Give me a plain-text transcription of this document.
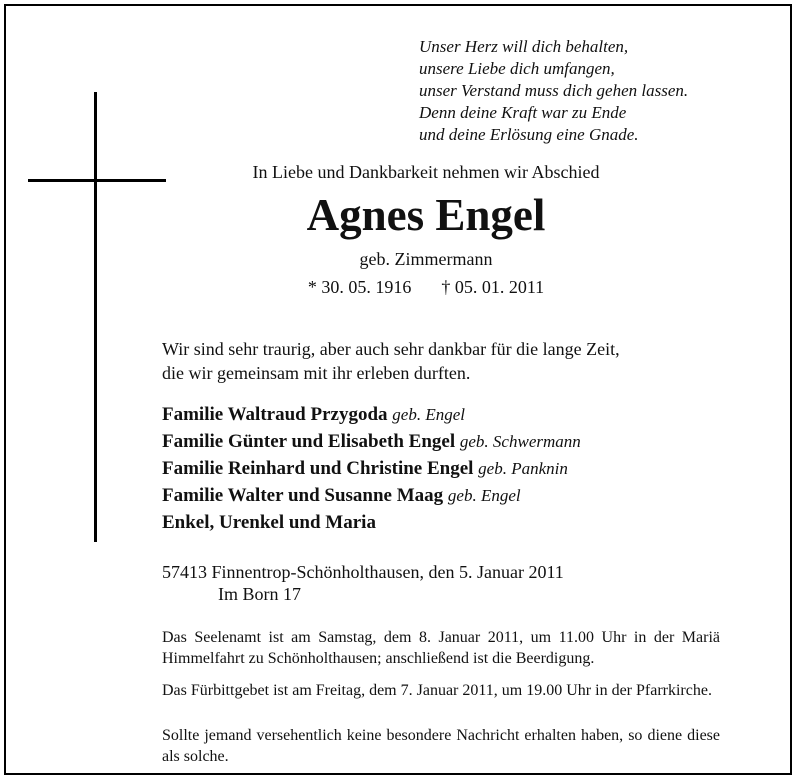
Unser Herz will dich behalten,
unsere Liebe dich umfangen,
unser Verstand muss dich gehen lassen.
Denn deine Kraft war zu Ende
und deine Erlösung eine Gnade.
In Liebe und Dankbarkeit nehmen wir Abschied
Agnes Engel
geb. Zimmermann
* 30. 05. 1916 † 05. 01. 2011
Wir sind sehr traurig, aber auch sehr dankbar für die lange Zeit,
die wir gemeinsam mit ihr erleben durften.
Familie Waltraud Przygoda geb. Engel
Familie Günter und Elisabeth Engel geb. Schwermann
Familie Reinhard und Christine Engel geb. Panknin
Familie Walter und Susanne Maag geb. Engel
Enkel, Urenkel und Maria
57413 Finnentrop-Schönholthausen, den 5. Januar 2011
Im Born 17
Das Seelenamt ist am Samstag, dem 8. Januar 2011, um 11.00 Uhr in der Mariä Himmelfahrt zu Schönholthausen; anschließend ist die Beerdigung.
Das Fürbittgebet ist am Freitag, dem 7. Januar 2011, um 19.00 Uhr in der Pfarrkirche.
Sollte jemand versehentlich keine besondere Nachricht erhalten haben, so diene diese als solche.
